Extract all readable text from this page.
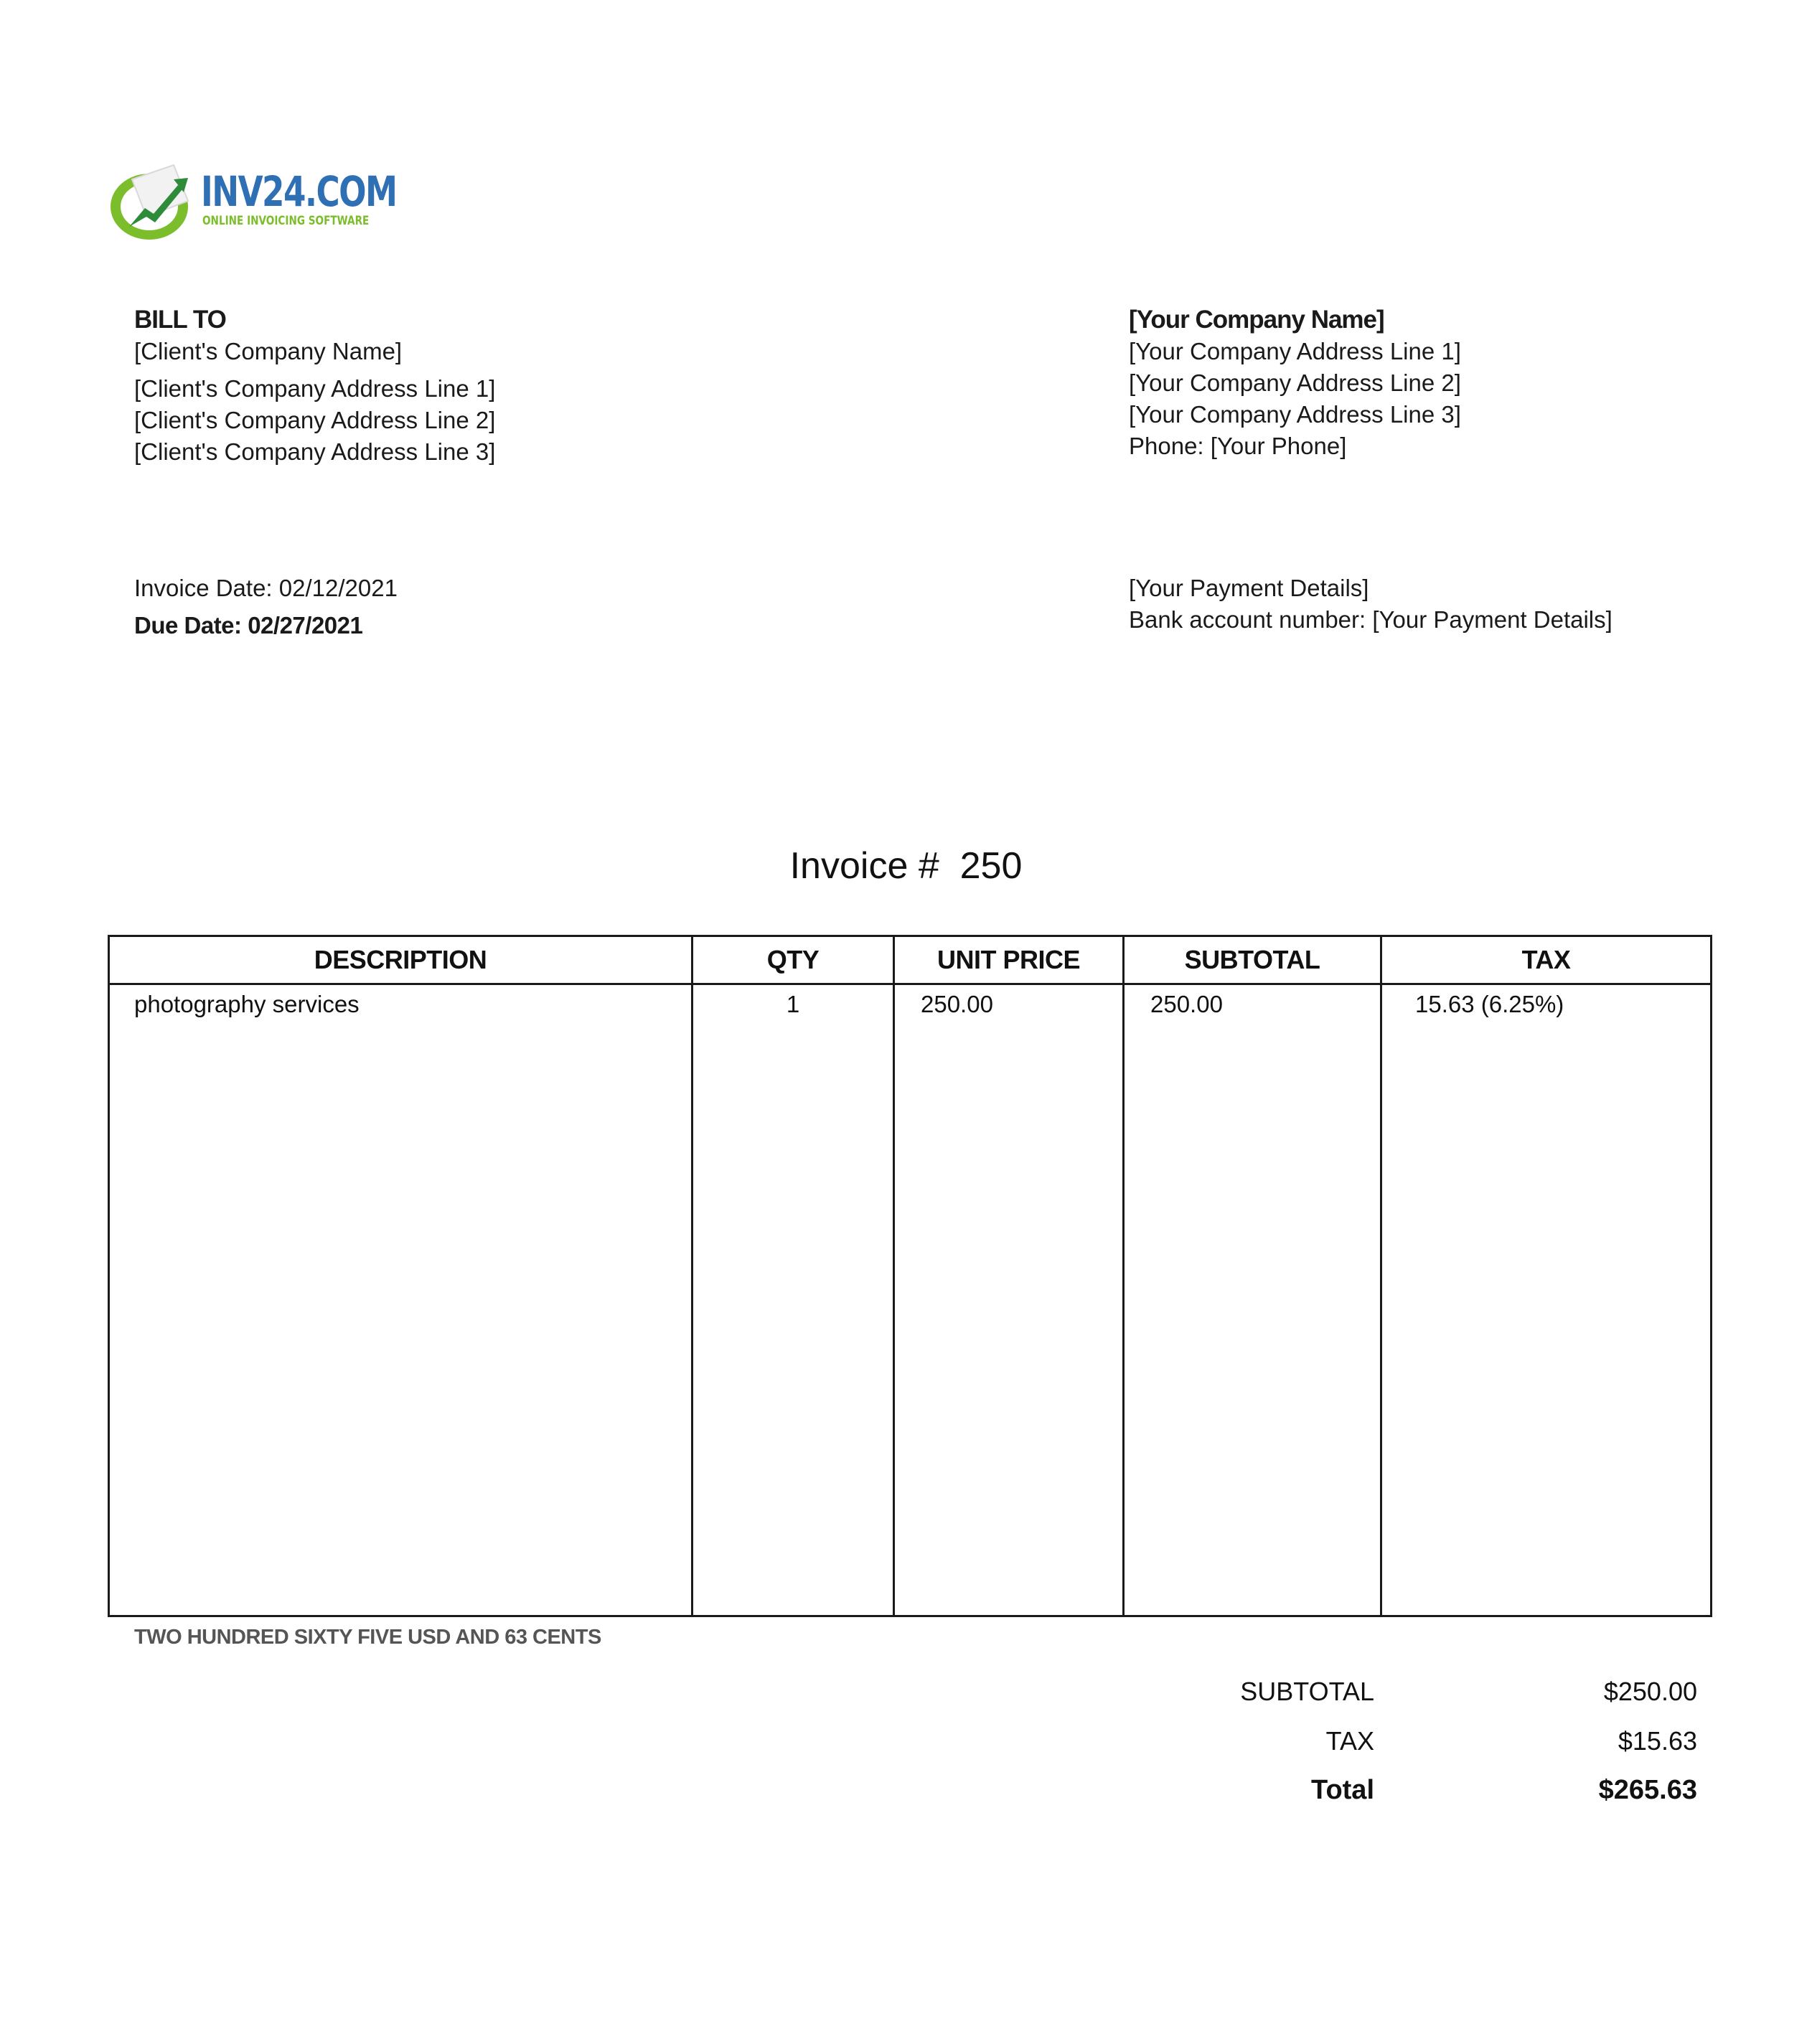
INV24.COM
ONLINE INVOICING SOFTWARE
BILL TO
[Client's Company Name]
[Client's Company Address Line 1]
[Client's Company Address Line 2]
[Client's Company Address Line 3]
[Your Company Name]
[Your Company Address Line 1]
[Your Company Address Line 2]
[Your Company Address Line 3]
Phone: [Your Phone]
Invoice Date: 02/12/2021
Due Date: 02/27/2021
[Your Payment Details]
Bank account number: [Your Payment Details]
Invoice #  250
DESCRIPTION	QTY	UNIT PRICE	SUBTOTAL	TAX

photography services	1	250.00	250.00	15.63 (6.25%)
TWO HUNDRED SIXTY FIVE USD AND 63 CENTS
SUBTOTAL	$250.00
TAX	$15.63
Total	$265.63
